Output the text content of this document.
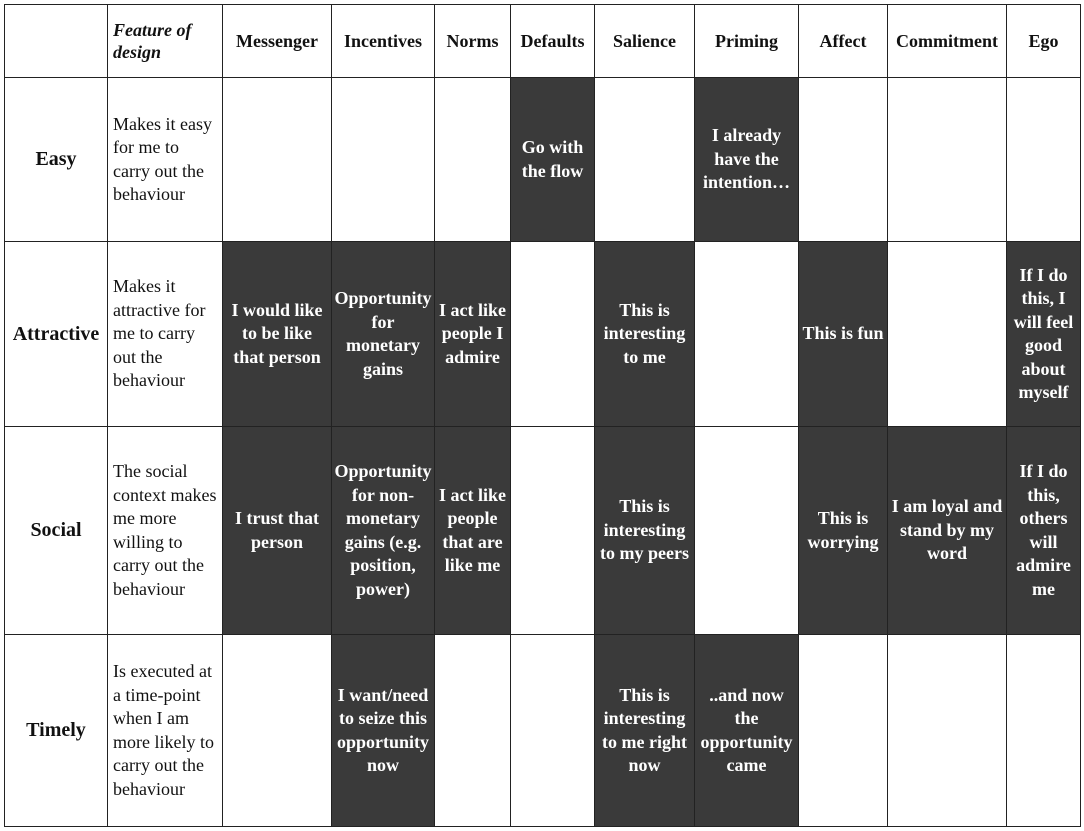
	Feature of design	Messenger	Incentives	Norms	Defaults	Salience	Priming	Affect	Commitment	Ego
Easy	Makes it easy for me to carry out the behaviour				Go with the flow		I already have the intention…			

Attractive	Makes it attractive for me to carry out the behaviour	I would like to be like that person	Opportunity for monetary gains	I act like people I admire		This is interesting to me		This is fun		If I do this, I will feel good about myself

Social	The social context makes me more willing to carry out the behaviour	I trust that person	Opportunity for non-monetary gains (e.g. position, power)	I act like people that are like me		This is interesting to my peers		This is worrying	I am loyal and stand by my word	If I do this, others will admire me

Timely	Is executed at a time-point when I am more likely to carry out the behaviour		I want/need to seize this opportunity now			This is interesting to me right now	..and now the opportunity came			
